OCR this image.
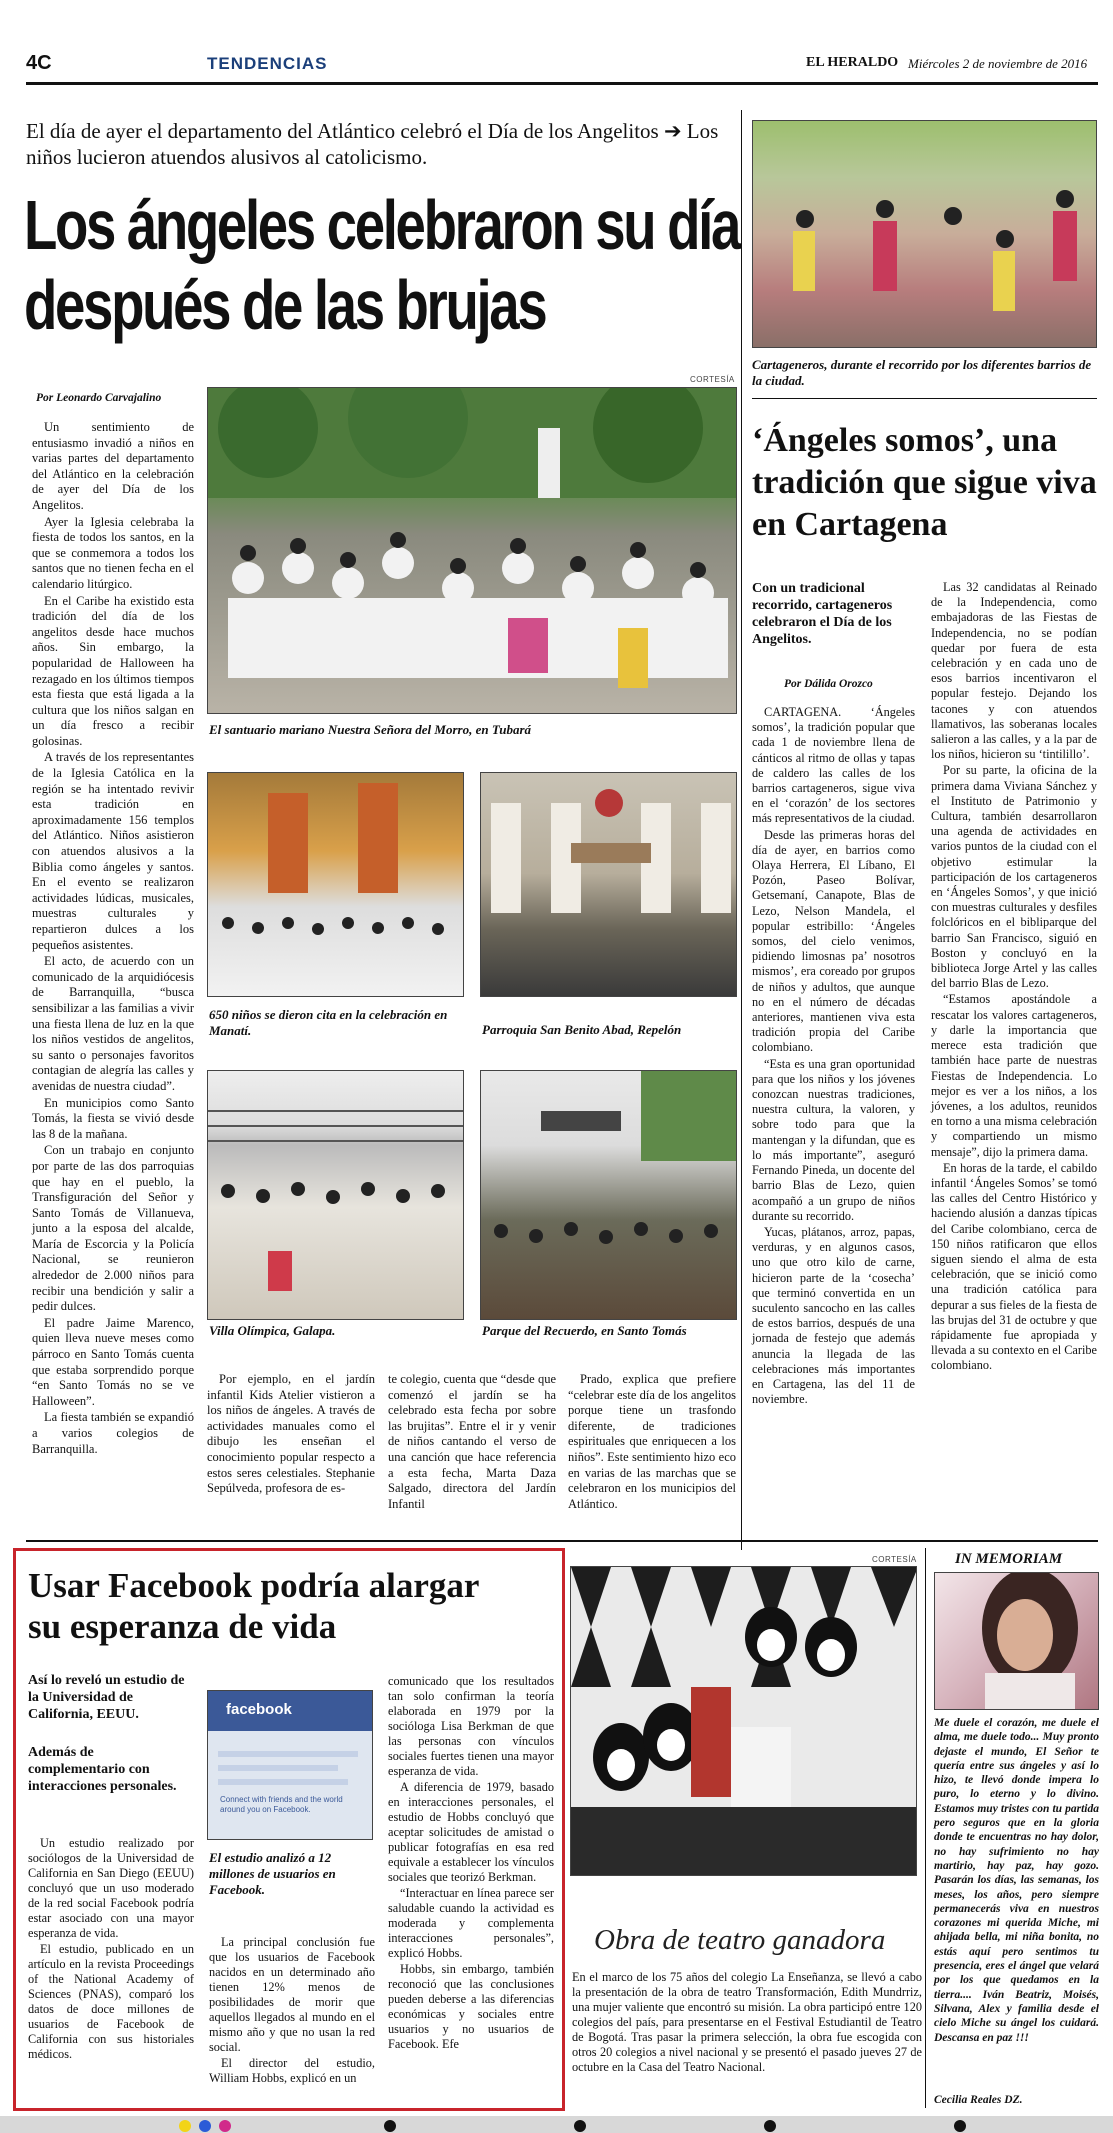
4C	TENDENCIAS	EL HERALDO Miércoles 2 de noviembre de 2016
El día de ayer el departamento del Atlántico celebró el Día de los Angelitos ➔ Los niños lucieron atuendos alusivos al catolicismo.
Los ángeles celebraron su día después de las brujas
Por Leonardo Carvajalino
CORTESÍA
El santuario mariano Nuestra Señora del Morro, en Tubará
650 niños se dieron cita en la celebración en Manatí.	Parroquia San Benito Abad, Repelón
Villa Olímpica, Galapa.	Parque del Recuerdo, en Santo Tomás

Un sentimiento de entusiasmo invadió a niños en varias partes del departamento del Atlántico en la celebración de ayer del Día de los Angelitos.

Ayer la Iglesia celebraba la fiesta de todos los santos, en la que se conmemora a todos los santos que no tienen fecha en el calendario litúrgico.

En el Caribe ha existido esta tradición del día de los angelitos desde hace muchos años. Sin embargo, la popularidad de Halloween ha rezagado en los últimos tiempos esta fiesta que está ligada a la cultura que los niños salgan en un día fresco a recibir golosinas.

A través de los representantes de la Iglesia Católica en la región se ha intentado revivir esta tradición en aproximadamente 156 templos del Atlántico. Niños asistieron con atuendos alusivos a la Biblia como ángeles y santos. En el evento se realizaron actividades lúdicas, musicales, muestras culturales y repartieron dulces a los pequeños asistentes.

El acto, de acuerdo con un comunicado de la arquidiócesis de Barranquilla, “busca sensibilizar a las familias a vivir una fiesta llena de luz en la que los niños vestidos de angelitos, su santo o personajes favoritos contagian de alegría las calles y avenidas de nuestra ciudad”.

En municipios como Santo Tomás, la fiesta se vivió desde las 8 de la mañana.

Con un trabajo en conjunto por parte de las dos parroquias que hay en el pueblo, la Transfiguración del Señor y Santo Tomás de Villanueva, junto a la esposa del alcalde, María de Escorcia y la Policía Nacional, se reunieron alrededor de 2.000 niños para recibir una bendición y salir a pedir dulces.

El padre Jaime Marenco, quien lleva nueve meses como párroco en Santo Tomás cuenta que estaba sorprendido porque “en Santo Tomás no se ve Halloween”.

La fiesta también se expandió a varios colegios de Barranquilla.

Por ejemplo, en el jardín infantil Kids Atelier vistieron a los niños de ángeles. A través de actividades manuales como el dibujo les enseñan el conocimiento popular respecto a estos seres celestiales. Stephanie Sepúlveda, profesora de es-

te colegio, cuenta que “desde que comenzó el jardín se ha celebrado esta fecha por sobre las brujitas”. Entre el ir y venir de niños cantando el verso de una canción que hace referencia a esta fecha, Marta Daza Salgado, directora del Jardín Infantil

Prado, explica que prefiere “celebrar este día de los angelitos porque tiene un trasfondo diferente, de tradiciones espirituales que enriquecen a los niños”. Este sentimiento hizo eco en varias de las marchas que se celebraron en los municipios del Atlántico.

Cartageneros, durante el recorrido por los diferentes barrios de la ciudad.
‘Ángeles somos’, una tradición que sigue viva en Cartagena
Con un tradicional recorrido, cartageneros celebraron el Día de los Angelitos.
Por Dálida Orozco

CARTAGENA. ‘Ángeles somos’, la tradición popular que cada 1 de noviembre llena de cánticos al ritmo de ollas y tapas de caldero las calles de los barrios cartageneros, sigue viva en el ‘corazón’ de los sectores más representativos de la ciudad.

Desde las primeras horas del día de ayer, en barrios como Olaya Herrera, El Líbano, El Pozón, Paseo Bolívar, Getsemaní, Canapote, Blas de Lezo, Nelson Mandela, el popular estribillo: ‘Ángeles somos, del cielo venimos, pidiendo limosnas pa’ nosotros mismos’, era coreado por grupos de niños y adultos, que aunque no en el número de décadas anteriores, mantienen viva esta tradición propia del Caribe colombiano.

“Esta es una gran oportunidad para que los niños y los jóvenes conozcan nuestras tradiciones, nuestra cultura, la valoren, y sobre todo para que la mantengan y la difundan, que es lo más importante”, aseguró Fernando Pineda, un docente del barrio Blas de Lezo, quien acompañó a un grupo de niños durante su recorrido.

Yucas, plátanos, arroz, papas, verduras, y en algunos casos, uno que otro kilo de carne, hicieron parte de la ‘cosecha’ que terminó convertida en un suculento sancocho en las calles de estos barrios, después de una jornada de festejo que además anuncia la llegada de las celebraciones más importantes en Cartagena, las del 11 de noviembre.

Las 32 candidatas al Reinado de la Independencia, como embajadoras de las Fiestas de Independencia, no se podían quedar por fuera de esta celebración y en cada uno de esos barrios incentivaron el popular festejo. Dejando los tacones y con atuendos llamativos, las soberanas locales salieron a las calles, y a la par de los niños, hicieron su ‘tintilillo’.

Por su parte, la oficina de la primera dama Viviana Sánchez y el Instituto de Patrimonio y Cultura, también desarrollaron una agenda de actividades en varios puntos de la ciudad con el objetivo estimular la participación de los cartageneros en ‘Ángeles Somos’, y que inició con muestras culturales y desfiles folclóricos en el bibliparque del barrio San Francisco, siguió en Boston y concluyó en la biblioteca Jorge Artel y las calles del barrio Blas de Lezo.

“Estamos apostándole a rescatar los valores cartageneros, y darle la importancia que merece esta tradición que también hace parte de nuestras Fiestas de Independencia. Lo mejor es ver a los niños, a los jóvenes, a los adultos, reunidos en torno a una misma celebración y compartiendo un mismo mensaje”, dijo la primera dama.

En horas de la tarde, el cabildo infantil ‘Ángeles Somos’ se tomó las calles del Centro Histórico y haciendo alusión a danzas típicas del Caribe colombiano, cerca de 150 niños ratificaron que ellos siguen siendo el alma de esta celebración, que se inició como una tradición católica para depurar a sus fieles de la fiesta de las brujas del 31 de octubre y que rápidamente fue apropiada y llevada a su contexto en el Caribe colombiano.

Usar Facebook podría alargar su esperanza de vida
Así lo reveló un estudio de la Universidad de California, EEUU.
Además de complementario con interacciones personales.
facebook
Connect with friends and the world around you on Facebook.
El estudio analizó a 12 millones de usuarios en Facebook.

Un estudio realizado por sociólogos de la Universidad de California en San Diego (EEUU) concluyó que un uso moderado de la red social Facebook podría estar asociado con una mayor esperanza de vida.

El estudio, publicado en un artículo en la revista Proceedings of the National Academy of Sciences (PNAS), comparó los datos de doce millones de usuarios de Facebook de California con sus historiales médicos.

La principal conclusión fue que los usuarios de Facebook nacidos en un determinado año tienen 12% menos de posibilidades de morir que aquellos llegados al mundo en el mismo año y que no usan la red social.

El director del estudio, William Hobbs, explicó en un

comunicado que los resultados tan solo confirman la teoría elaborada en 1979 por la socióloga Lisa Berkman de que las personas con vínculos sociales fuertes tienen una mayor esperanza de vida.

A diferencia de 1979, basado en interacciones personales, el estudio de Hobbs concluyó que aceptar solicitudes de amistad o publicar fotografías en esa red equivale a establecer los vínculos sociales que teorizó Berkman.

“Interactuar en línea parece ser saludable cuando la actividad es moderada y complementa interacciones personales”, explicó Hobbs.

Hobbs, sin embargo, también reconoció que las conclusiones pueden deberse a las diferencias económicas y sociales entre usuarios y no usuarios de Facebook. Efe

CORTESÍA
Obra de teatro ganadora
En el marco de los 75 años del colegio La Enseñanza, se llevó a cabo la presentación de la obra de teatro Transformación, Edith Mundrriz, una mujer valiente que encontró su misión. La obra participó entre 120 colegios del país, para presentarse en el Festival Estudiantil de Teatro de Bogotá. Tras pasar la primera selección, la obra fue escogida con otros 20 colegios a nivel nacional y se presentó el pasado jueves 27 de octubre en la Casa del Teatro Nacional.
IN MEMORIAM
Me duele el corazón, me duele el alma, me duele todo... Muy pronto dejaste el mundo, El Señor te quería entre sus ángeles y así lo hizo, te llevó donde impera lo puro, lo eterno y lo divino. Estamos muy tristes con tu partida pero seguros que en la gloria donde te encuentras no hay dolor, no hay sufrimiento no hay martirio, hay paz, hay gozo. Pasarán los días, las semanas, los meses, los años, pero siempre permanecerás viva en nuestros corazones mi querida Miche, mi ahijada bella, mi niña bonita, no estás aquí pero sentimos tu presencia, eres el ángel que velará por los que quedamos en la tierra.... Iván Beatriz, Moisés, Silvana, Alex y familia desde el cielo Miche su ángel los cuidará. Descansa en paz !!!
Cecilia Reales DZ.
